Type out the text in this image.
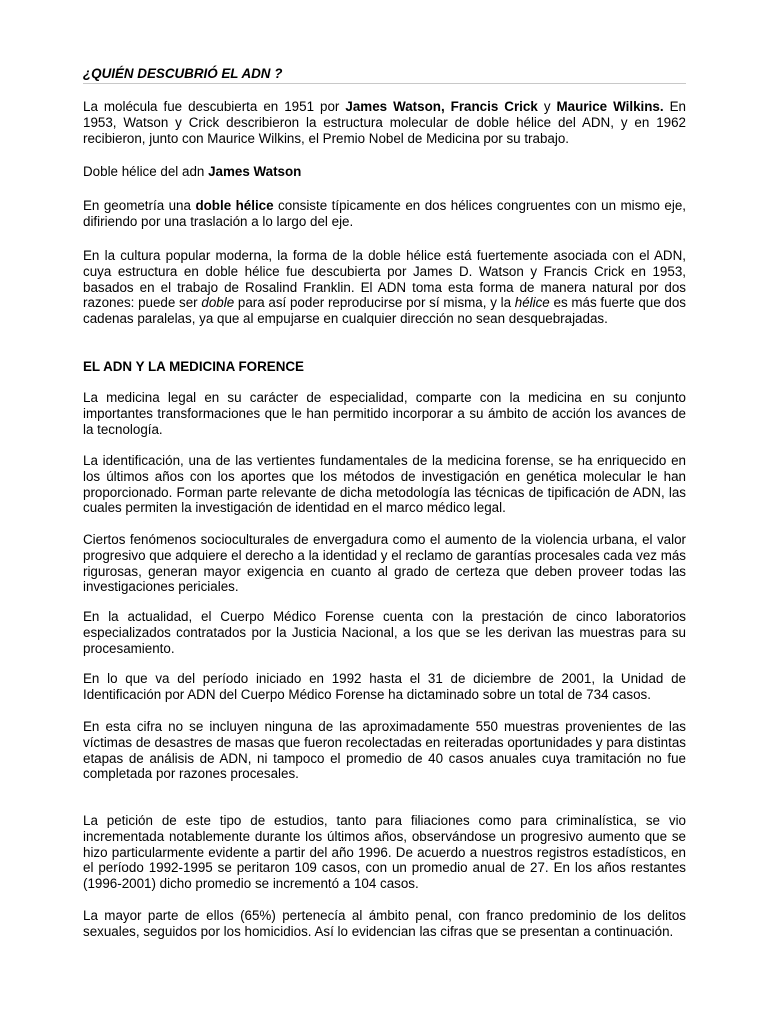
¿QUIÉN DESCUBRIÓ EL ADN ?

La molécula fue descubierta en 1951 por James Watson, Francis Crick y Maurice Wilkins. En 1953, Watson y Crick describieron la estructura molecular de doble hélice del ADN, y en 1962 recibieron, junto con Maurice Wilkins, el Premio Nobel de Medicina por su trabajo.

Doble hélice del adn James Watson

En geometría una doble hélice consiste típicamente en dos hélices congruentes con un mismo eje, difiriendo por una traslación a lo largo del eje.

En la cultura popular moderna, la forma de la doble hélice está fuertemente asociada con el ADN, cuya estructura en doble hélice fue descubierta por James D. Watson y Francis Crick en 1953, basados en el trabajo de Rosalind Franklin. El ADN toma esta forma de manera natural por dos razones: puede ser doble para así poder reproducirse por sí misma, y la hélice es más fuerte que dos cadenas paralelas, ya que al empujarse en cualquier dirección no sean desquebrajadas.

EL ADN Y LA MEDICINA FORENCE

La medicina legal en su carácter de especialidad, comparte con la medicina en su conjunto importantes transformaciones que le han permitido incorporar a su ámbito de acción los avances de la tecnología.

La identificación, una de las vertientes fundamentales de la medicina forense, se ha enriquecido en los últimos años con los aportes que los métodos de investigación en genética molecular le han proporcionado. Forman parte relevante de dicha metodología las técnicas de tipificación de ADN, las cuales permiten la investigación de identidad en el marco médico legal.

Ciertos fenómenos socioculturales de envergadura como el aumento de la violencia urbana, el valor progresivo que adquiere el derecho a la identidad y el reclamo de garantías procesales cada vez más rigurosas, generan mayor exigencia en cuanto al grado de certeza que deben proveer todas las investigaciones periciales.

En la actualidad, el Cuerpo Médico Forense cuenta con la prestación de cinco laboratorios especializados contratados por la Justicia Nacional, a los que se les derivan las muestras para su procesamiento.

En lo que va del período iniciado en 1992 hasta el 31 de diciembre de 2001, la Unidad de Identificación por ADN del Cuerpo Médico Forense ha dictaminado sobre un total de 734 casos.

En esta cifra no se incluyen ninguna de las aproximadamente 550 muestras provenientes de las víctimas de desastres de masas que fueron recolectadas en reiteradas oportunidades y para distintas etapas de análisis de ADN, ni tampoco el promedio de 40 casos anuales cuya tramitación no fue completada por razones procesales.

La petición de este tipo de estudios, tanto para filiaciones como para criminalística, se vio incrementada notablemente durante los últimos años, observándose un progresivo aumento que se hizo particularmente evidente a partir del año 1996. De acuerdo a nuestros registros estadísticos, en el período 1992-1995 se peritaron 109 casos, con un promedio anual de 27. En los años restantes (1996-2001) dicho promedio se incrementó a 104 casos.

La mayor parte de ellos (65%) pertenecía al ámbito penal, con franco predominio de los delitos sexuales, seguidos por los homicidios. Así lo evidencian las cifras que se presentan a continuación.
